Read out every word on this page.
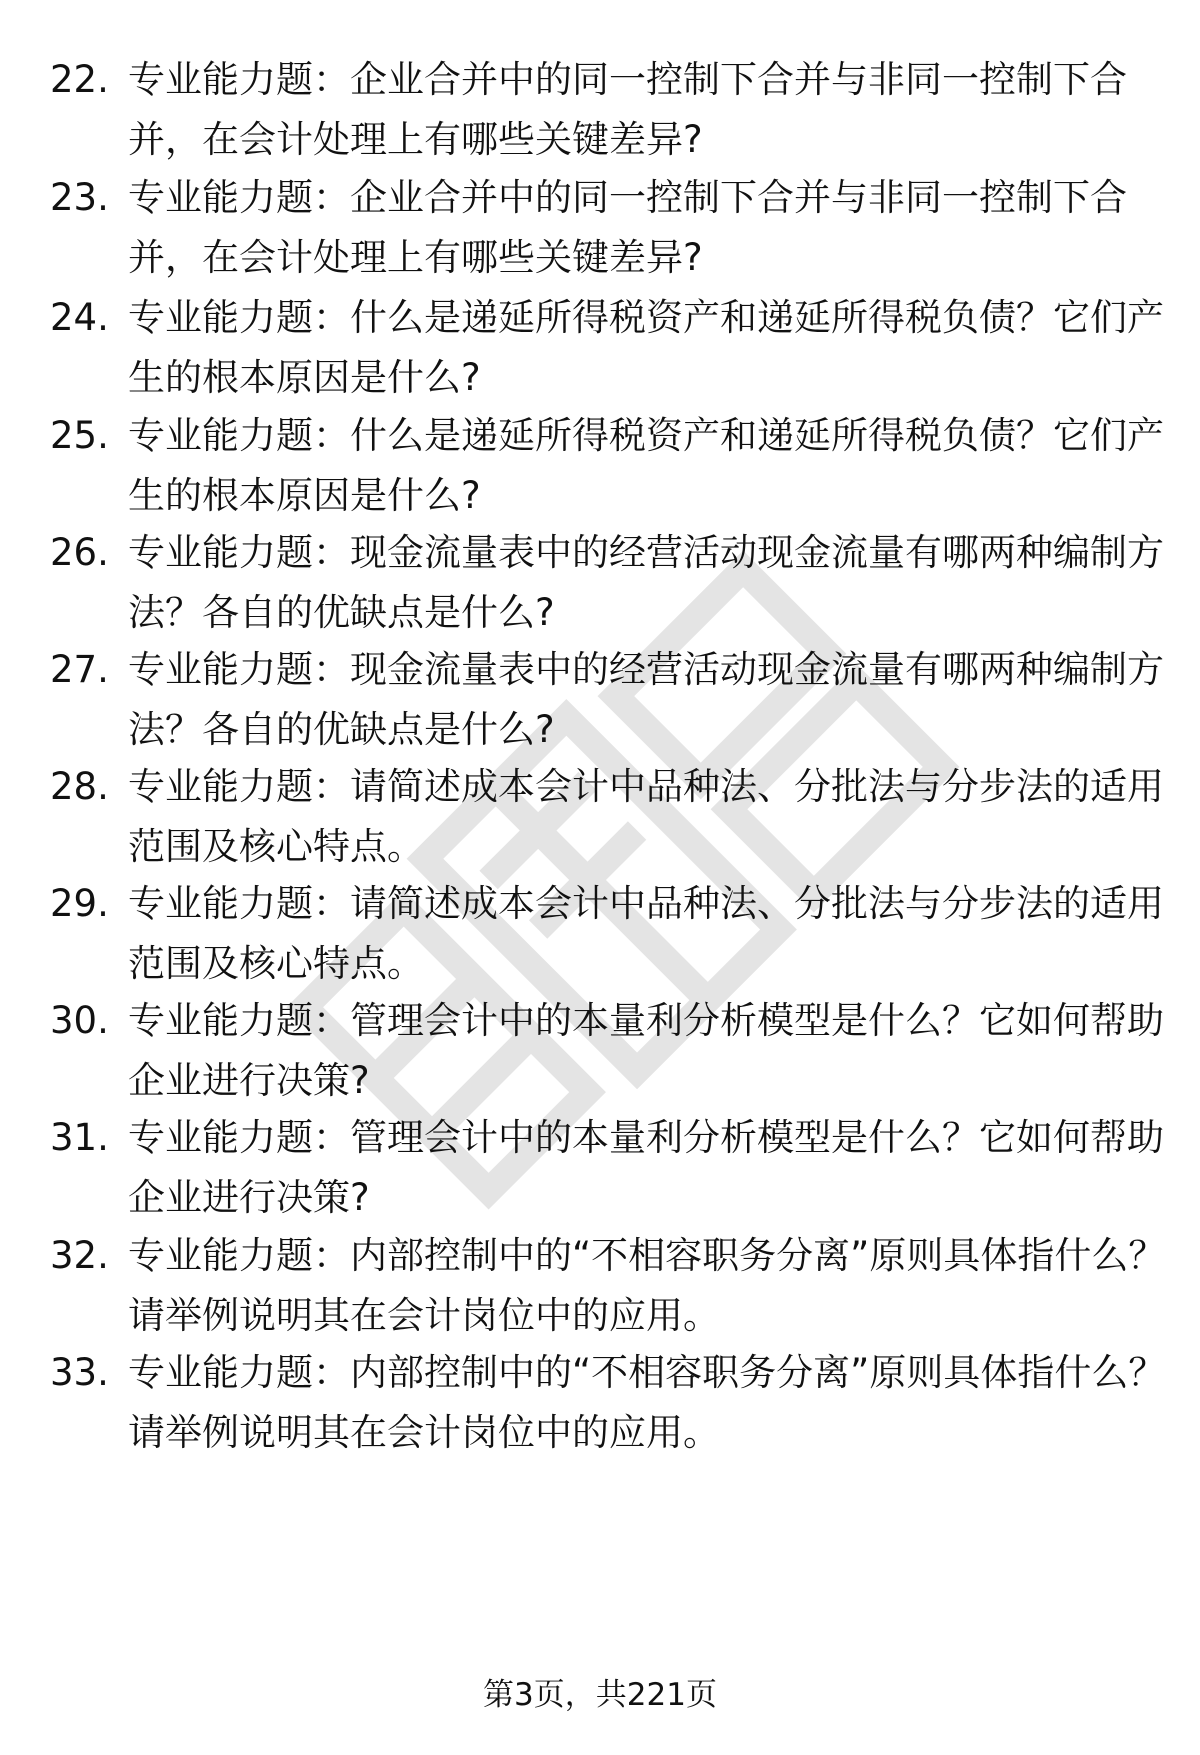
22. 专业能力题：企业合并中的同一控制下合并与非同一控制下合并，在会计处理上有哪些关键差异?
23. 专业能力题：企业合并中的同一控制下合并与非同一控制下合并，在会计处理上有哪些关键差异?
24. 专业能力题：什么是递延所得税资产和递延所得税负债？它们产生的根本原因是什么?
25. 专业能力题：什么是递延所得税资产和递延所得税负债？它们产生的根本原因是什么?
26. 专业能力题：现金流量表中的经营活动现金流量有哪两种编制方法？各自的优缺点是什么?
27. 专业能力题：现金流量表中的经营活动现金流量有哪两种编制方法？各自的优缺点是什么?
28. 专业能力题：请简述成本会计中品种法、分批法与分步法的适用范围及核心特点。
29. 专业能力题：请简述成本会计中品种法、分批法与分步法的适用范围及核心特点。
30. 专业能力题：管理会计中的本量利分析模型是什么？它如何帮助企业进行决策?
31. 专业能力题：管理会计中的本量利分析模型是什么？它如何帮助企业进行决策?
32. 专业能力题：内部控制中的“不相容职务分离”原则具体指什么？请举例说明其在会计岗位中的应用。
33. 专业能力题：内部控制中的“不相容职务分离”原则具体指什么？请举例说明其在会计岗位中的应用。
第3页，共221页
